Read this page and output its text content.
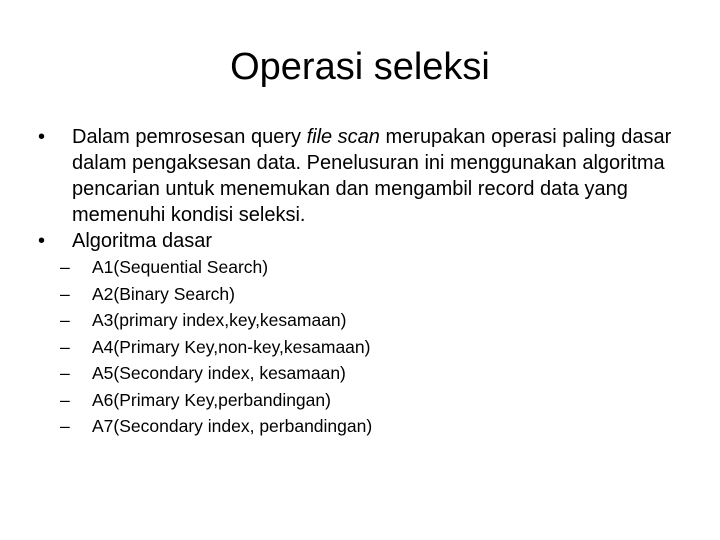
Operasi seleksi
•	Dalam pemrosesan query file scan merupakan operasi paling dasar dalam pengaksesan data. Penelusuran ini menggunakan algoritma pencarian untuk menemukan dan mengambil record data yang memenuhi kondisi seleksi.
•	Algoritma dasar
–	A1(Sequential Search)
–	A2(Binary Search)
–	A3(primary index,key,kesamaan)
–	A4(Primary Key,non-key,kesamaan)
–	A5(Secondary index, kesamaan)
–	A6(Primary Key,perbandingan)
–	A7(Secondary index, perbandingan)
